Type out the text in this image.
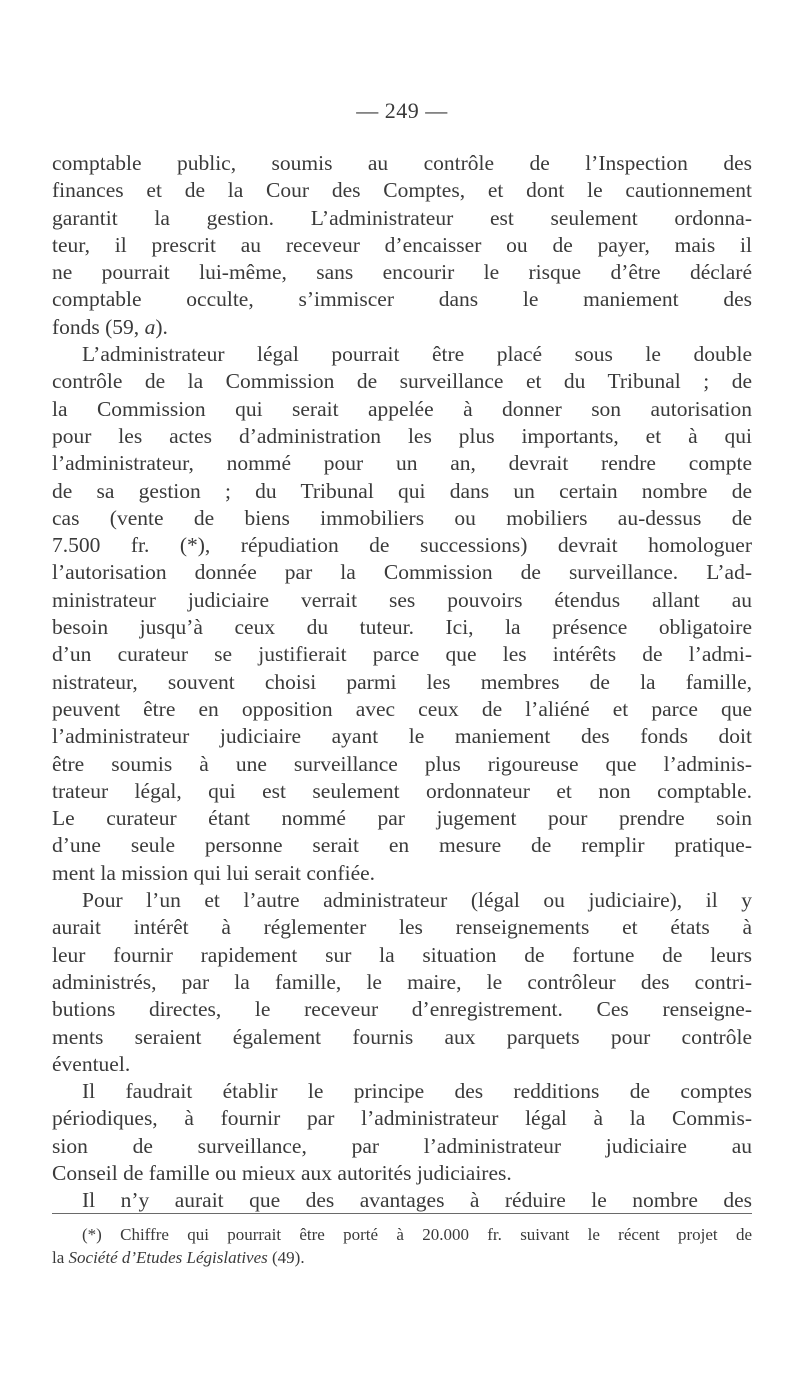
— 249 —
comptable public, soumis au contrôle de l’Inspection des
finances et de la Cour des Comptes, et dont le cautionnement
garantit la gestion. L’administrateur est seulement ordonna-
teur, il prescrit au receveur d’encaisser ou de payer, mais il
ne pourrait lui-même, sans encourir le risque d’être déclaré
comptable occulte, s’immiscer dans le maniement des
fonds (59, a).
L’administrateur légal pourrait être placé sous le double
contrôle de la Commission de surveillance et du Tribunal ; de
la Commission qui serait appelée à donner son autorisation
pour les actes d’administration les plus importants, et à qui
l’administrateur, nommé pour un an, devrait rendre compte
de sa gestion ; du Tribunal qui dans un certain nombre de
cas (vente de biens immobiliers ou mobiliers au-dessus de
7.500 fr. (*), répudiation de successions) devrait homologuer
l’autorisation donnée par la Commission de surveillance. L’ad-
ministrateur judiciaire verrait ses pouvoirs étendus allant au
besoin jusqu’à ceux du tuteur. Ici, la présence obligatoire
d’un curateur se justifierait parce que les intérêts de l’admi-
nistrateur, souvent choisi parmi les membres de la famille,
peuvent être en opposition avec ceux de l’aliéné et parce que
l’administrateur judiciaire ayant le maniement des fonds doit
être soumis à une surveillance plus rigoureuse que l’adminis-
trateur légal, qui est seulement ordonnateur et non comptable.
Le curateur étant nommé par jugement pour prendre soin
d’une seule personne serait en mesure de remplir pratique-
ment la mission qui lui serait confiée.
Pour l’un et l’autre administrateur (légal ou judiciaire), il y
aurait intérêt à réglementer les renseignements et états à
leur fournir rapidement sur la situation de fortune de leurs
administrés, par la famille, le maire, le contrôleur des contri-
butions directes, le receveur d’enregistrement. Ces renseigne-
ments seraient également fournis aux parquets pour contrôle
éventuel.
Il faudrait établir le principe des redditions de comptes
périodiques, à fournir par l’administrateur légal à la Commis-
sion de surveillance, par l’administrateur judiciaire au
Conseil de famille ou mieux aux autorités judiciaires.
Il n’y aurait que des avantages à réduire le nombre des
(*) Chiffre qui pourrait être porté à 20.000 fr. suivant le récent projet de
la Société d’Etudes Législatives (49).
